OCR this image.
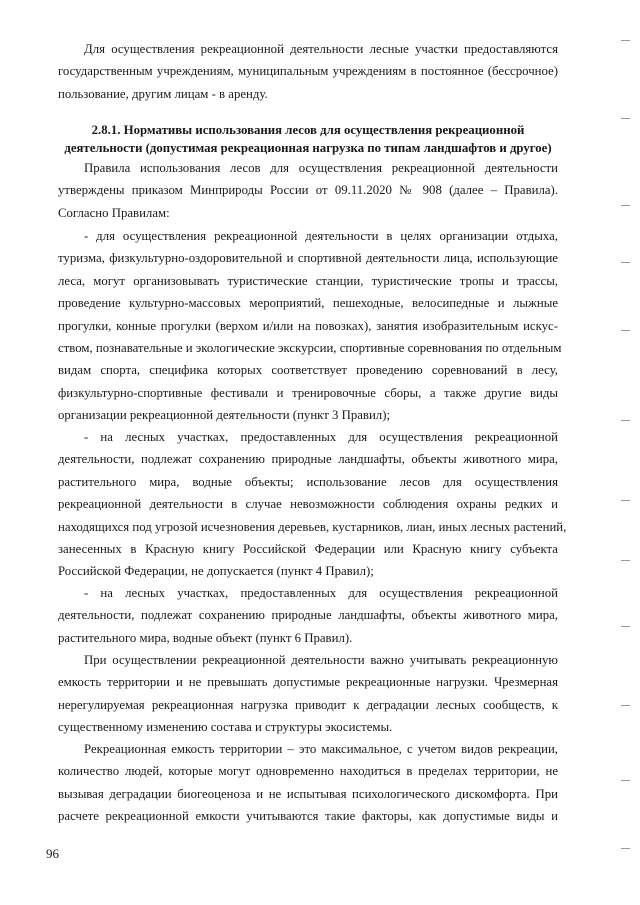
Для осуществления рекреационной деятельности лесные участки предоставляются
государственным учреждениям, муниципальным учреждениям в постоянное (бессрочное)
пользование, другим лицам - в аренду.
2.8.1. Нормативы использования лесов для осуществления рекреационной
деятельности (допустимая рекреационная нагрузка по типам ландшафтов и другое)
Правила использования лесов для осуществления рекреационной деятельности
утверждены приказом Минприроды России от 09.11.2020 № 908 (далее – Правила).
Согласно Правилам:
- для осуществления рекреационной деятельности в целях организации отдыха,
туризма, физкультурно-оздоровительной и спортивной деятельности лица, использующие
леса, могут организовывать туристические станции, туристические тропы и трассы,
проведение культурно-массовых мероприятий, пешеходные, велосипедные и лыжные
прогулки, конные прогулки (верхом и/или на повозках), занятия изобразительным искус-
ством, познавательные и экологические экскурсии, спортивные соревнования по отдельным
видам спорта, специфика которых соответствует проведению соревнований в лесу,
физкультурно-спортивные фестивали и тренировочные сборы, а также другие виды
организации рекреационной деятельности (пункт 3 Правил);
- на лесных участках, предоставленных для осуществления рекреационной
деятельности, подлежат сохранению природные ландшафты, объекты животного мира,
растительного мира, водные объекты; использование лесов для осуществления
рекреационной деятельности в случае невозможности соблюдения охраны редких и
находящихся под угрозой исчезновения деревьев, кустарников, лиан, иных лесных растений,
занесенных в Красную книгу Российской Федерации или Красную книгу субъекта
Российской Федерации, не допускается (пункт 4 Правил);
- на лесных участках, предоставленных для осуществления рекреационной
деятельности, подлежат сохранению природные ландшафты, объекты животного мира,
растительного мира, водные объект (пункт 6 Правил).
При осуществлении рекреационной деятельности важно учитывать рекреационную
емкость территории и не превышать допустимые рекреационные нагрузки. Чрезмерная
нерегулируемая рекреационная нагрузка приводит к деградации лесных сообществ, к
существенному изменению состава и структуры экосистемы.
Рекреационная емкость территории – это максимальное, с учетом видов рекреации,
количество людей, которые могут одновременно находиться в пределах территории, не
вызывая деградации биогеоценоза и не испытывая психологического дискомфорта. При
расчете рекреационной емкости учитываются такие факторы, как допустимые виды и
96
